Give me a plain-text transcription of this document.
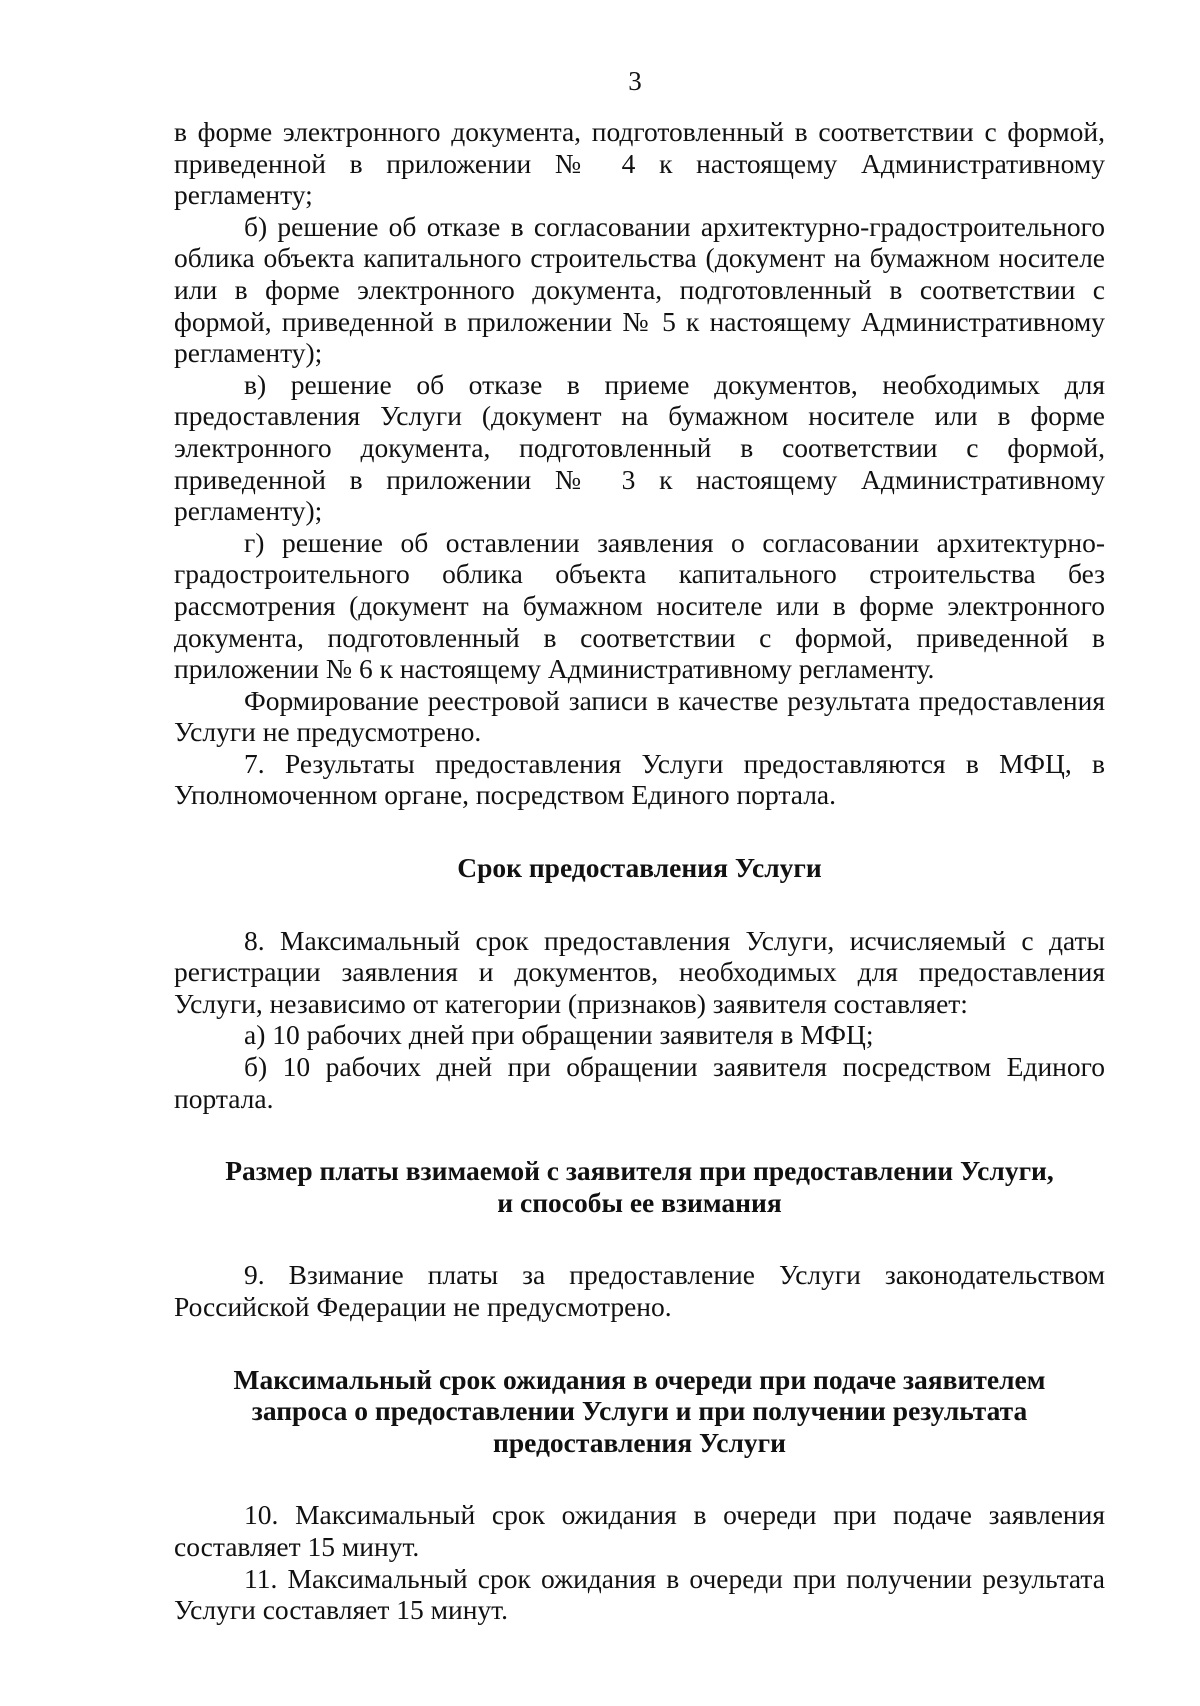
3

в форме электронного документа, подготовленный в соответствии с формой, приведенной в приложении № 4 к настоящему Административному регламенту;

б) решение об отказе в согласовании архитектурно-градостроительного облика объекта капитального строительства (документ на бумажном носителе или в форме электронного документа, подготовленный в соответствии с формой, приведенной в приложении № 5 к настоящему Административному регламенту);

в) решение об отказе в приеме документов, необходимых для предоставления Услуги (документ на бумажном носителе или в форме электронного документа, подготовленный в соответствии с формой, приведенной в приложении № 3 к настоящему Административному регламенту);

г) решение об оставлении заявления о согласовании архитектурно-градостроительного облика объекта капитального строительства без рассмотрения (документ на бумажном носителе или в форме электронного документа, подготовленный в соответствии с формой, приведенной в приложении № 6 к настоящему Административному регламенту.

Формирование реестровой записи в качестве результата предоставления Услуги не предусмотрено.

7. Результаты предоставления Услуги предоставляются в МФЦ, в Уполномоченном органе, посредством Единого портала.

Срок предоставления Услуги

8. Максимальный срок предоставления Услуги, исчисляемый с даты регистрации заявления и документов, необходимых для предоставления Услуги, независимо от категории (признаков) заявителя составляет:

а) 10 рабочих дней при обращении заявителя в МФЦ;

б) 10 рабочих дней при обращении заявителя посредством Единого портала.

Размер платы взимаемой с заявителя при предоставлении Услуги,
и способы ее взимания

9. Взимание платы за предоставление Услуги законодательством Российской Федерации не предусмотрено.

Максимальный срок ожидания в очереди при подаче заявителем
запроса о предоставлении Услуги и при получении результата
предоставления Услуги

10. Максимальный срок ожидания в очереди при подаче заявления составляет 15 минут.

11. Максимальный срок ожидания в очереди при получении результата Услуги составляет 15 минут.
